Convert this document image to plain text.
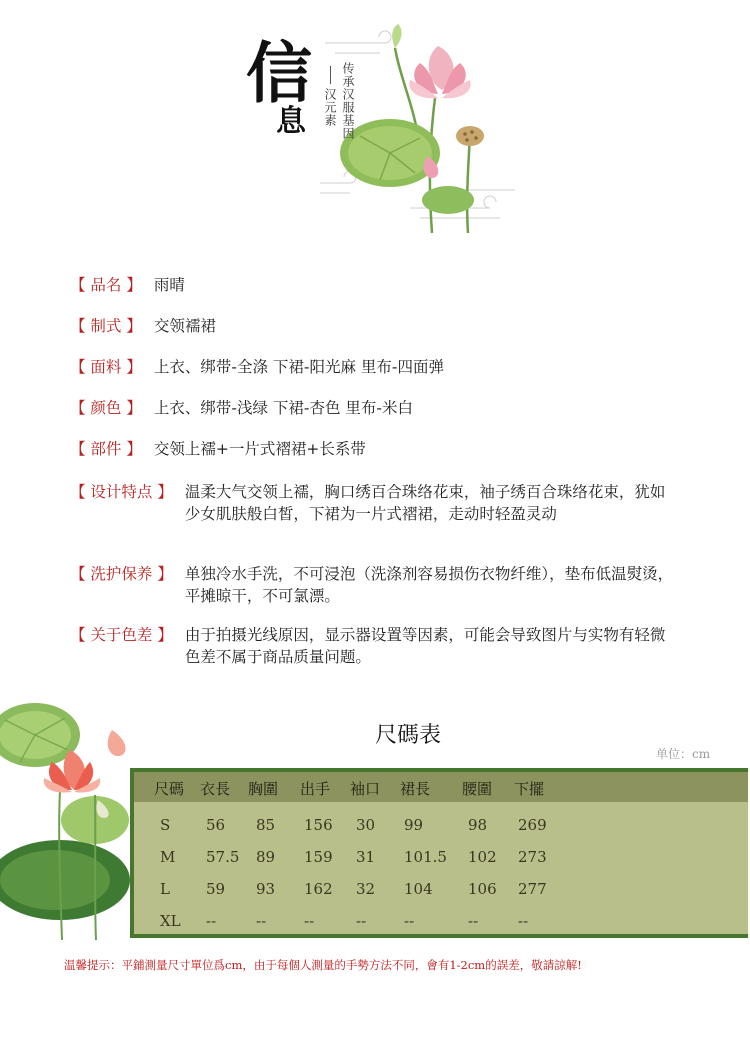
信
息	传承汉服基因
汉元素
【 品名 】 雨晴
【 制式 】 交领襦裙
【 面料 】 上衣、绑带-全涤 下裙-阳光麻 里布-四面弹
【 颜色 】 上衣、绑带-浅绿 下裙-杏色 里布-米白
【 部件 】 交领上襦+一片式褶裙+长系带
【 设计特点 】 温柔大气交领上襦，胸口绣百合珠络花束，袖子绣百合珠络花束，犹如少女肌肤般白皙，下裙为一片式褶裙，走动时轻盈灵动
【 洗护保养 】 单独冷水手洗，不可浸泡（洗涤剂容易损伤衣物纤维），垫布低温熨烫，平摊晾干，不可氯漂。
【 关于色差 】 由于拍摄光线原因，显示器设置等因素，可能会导致图片与实物有轻微色差不属于商品质量问题。
尺碼表
单位：cm
尺碼 衣長 胸圍 出手 袖口 裙長 腰圍 下擺
S 56 85 156 30 99	98 269
M 57.5 89 159 31 101.5 102 273
L 59 93 162 32 104 106 277
XL --	--	--	--	--	--	--
温馨提示：平鋪測量尺寸單位爲cm，由于每個人測量的手勢方法不同，會有1-2cm的誤差，敬請諒解!
